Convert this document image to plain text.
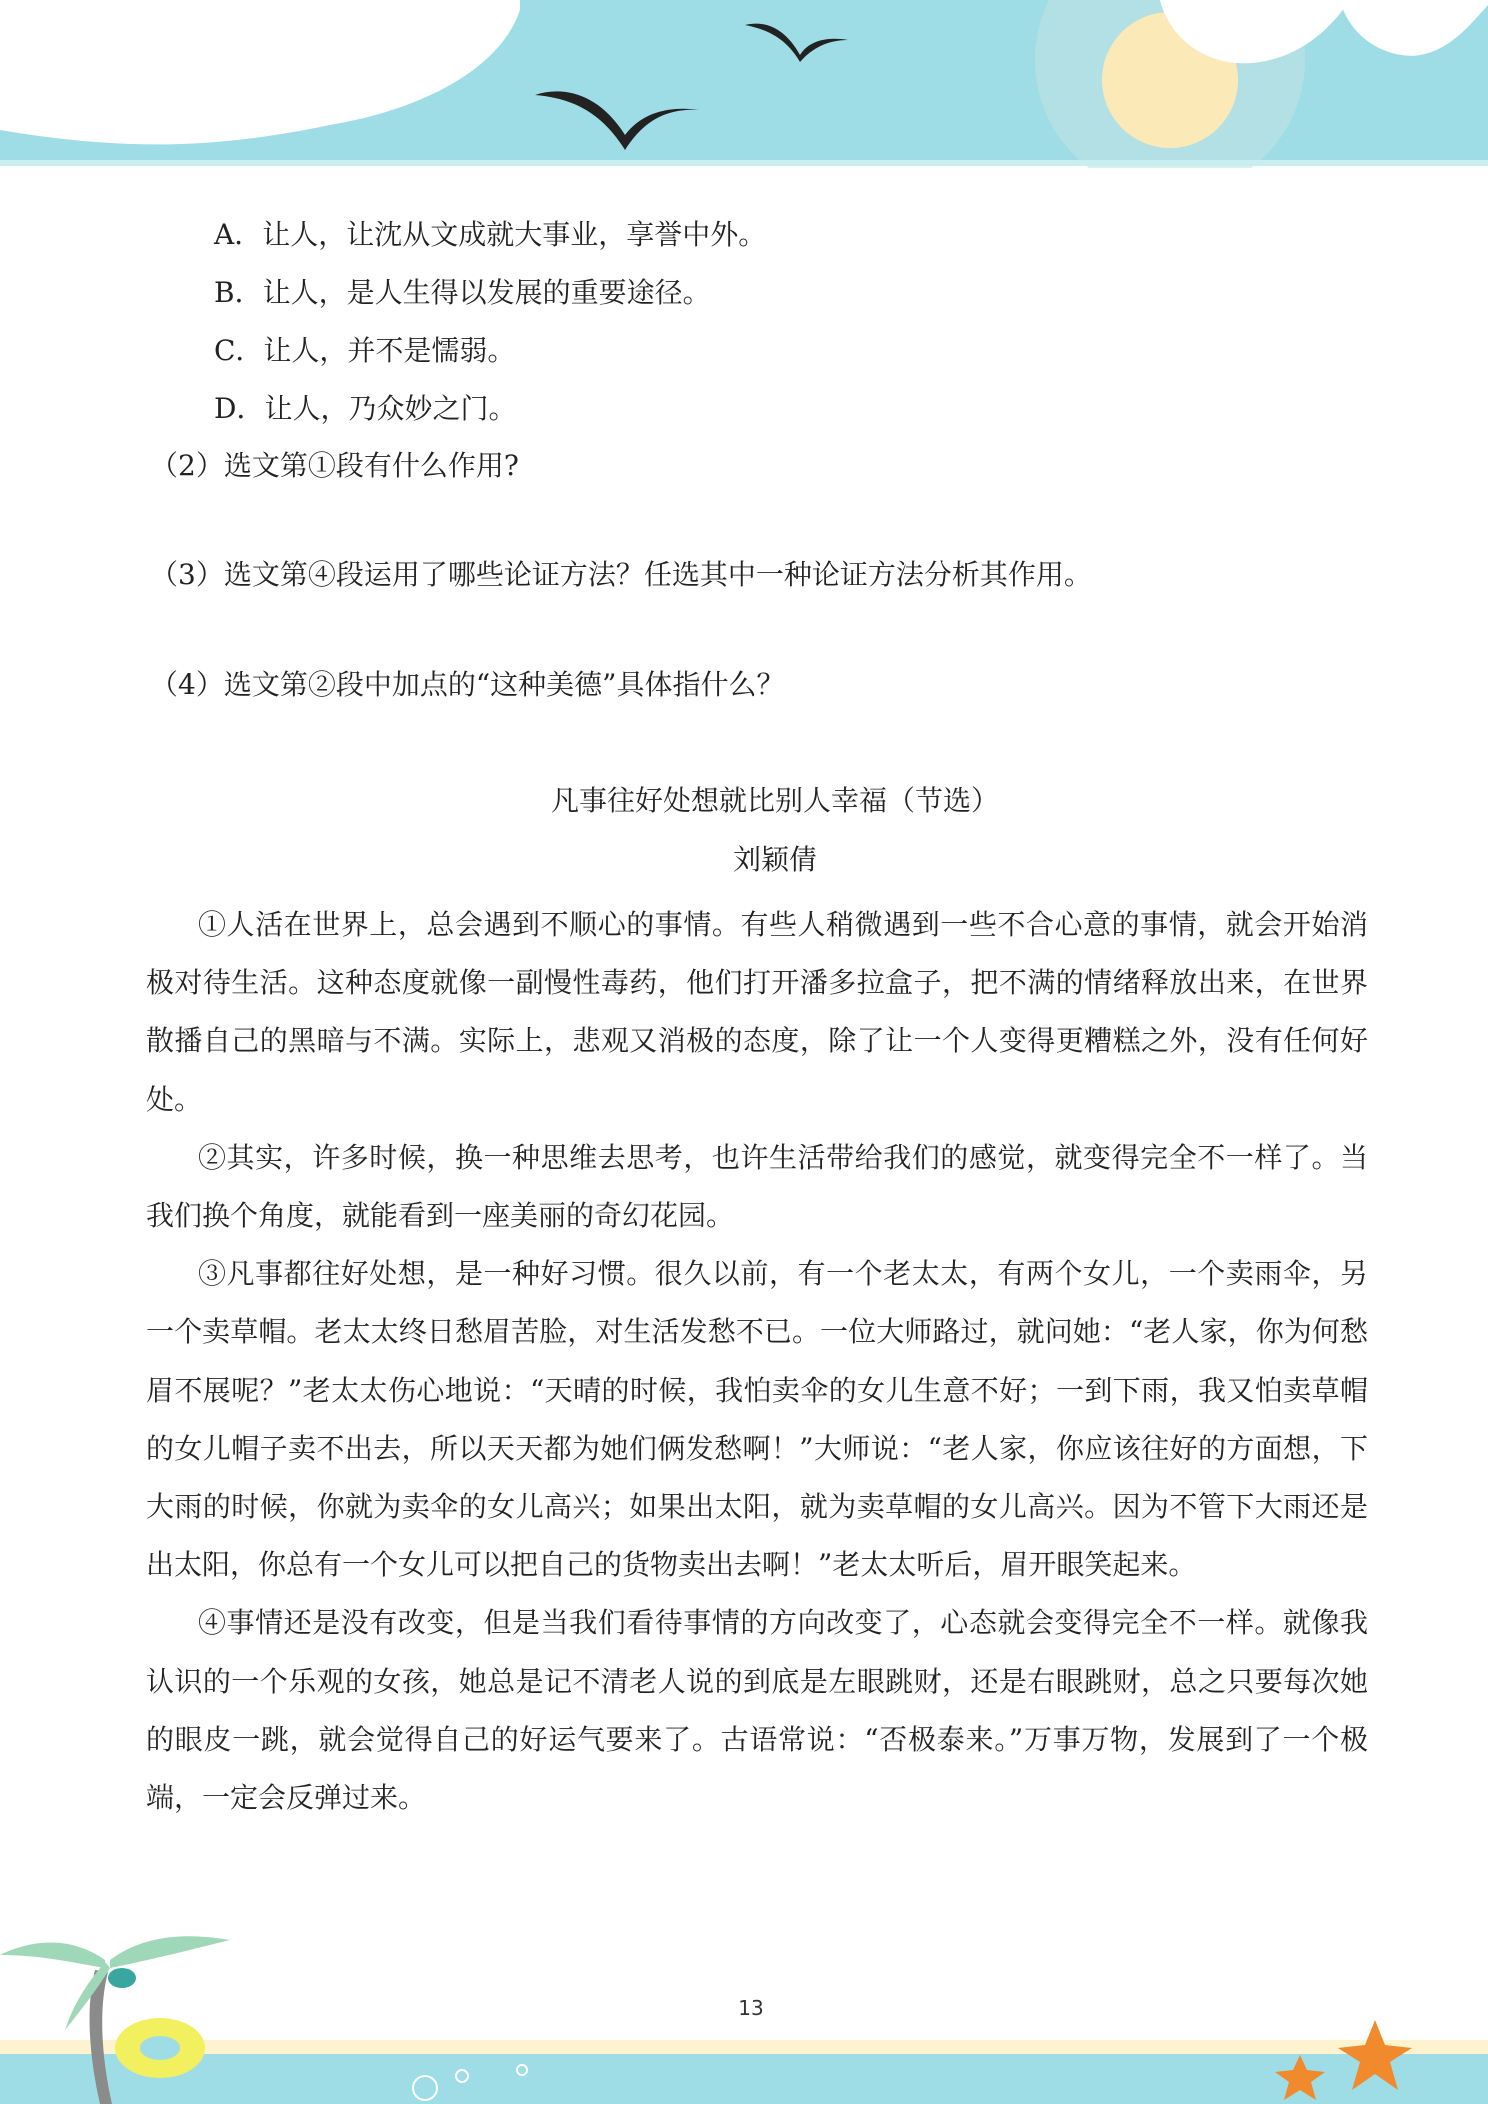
A．让人，让沈从文成就大事业，享誉中外。
B．让人，是人生得以发展的重要途径。
C．让人，并不是懦弱。
D．让人，乃众妙之门。
（2）选文第①段有什么作用?
（3）选文第④段运用了哪些论证方法？任选其中一种论证方法分析其作用。
（4）选文第②段中加点的“这种美德”具体指什么？
凡事往好处想就比别人幸福（节选）
刘颖倩

①人活在世界上，总会遇到不顺心的事情。有些人稍微遇到一些不合心意的事情，就会开始消极对待生活。这种态度就像一副慢性毒药，他们打开潘多拉盒子，把不满的情绪释放出来，在世界散播自己的黑暗与不满。实际上，悲观又消极的态度，除了让一个人变得更糟糕之外，没有任何好处。

②其实，许多时候，换一种思维去思考，也许生活带给我们的感觉，就变得完全不一样了。当我们换个角度，就能看到一座美丽的奇幻花园。

③凡事都往好处想，是一种好习惯。很久以前，有一个老太太，有两个女儿，一个卖雨伞，另一个卖草帽。老太太终日愁眉苦脸，对生活发愁不已。一位大师路过，就问她：“老人家，你为何愁眉不展呢？”老太太伤心地说：“天晴的时候，我怕卖伞的女儿生意不好；一到下雨，我又怕卖草帽的女儿帽子卖不出去，所以天天都为她们俩发愁啊！”大师说：“老人家，你应该往好的方面想，下大雨的时候，你就为卖伞的女儿高兴；如果出太阳，就为卖草帽的女儿高兴。因为不管下大雨还是出太阳，你总有一个女儿可以把自己的货物卖出去啊！”老太太听后，眉开眼笑起来。

④事情还是没有改变，但是当我们看待事情的方向改变了，心态就会变得完全不一样。就像我认识的一个乐观的女孩，她总是记不清老人说的到底是左眼跳财，还是右眼跳财，总之只要每次她的眼皮一跳，就会觉得自己的好运气要来了。古语常说：“否极泰来。”万事万物，发展到了一个极端，一定会反弹过来。

13
